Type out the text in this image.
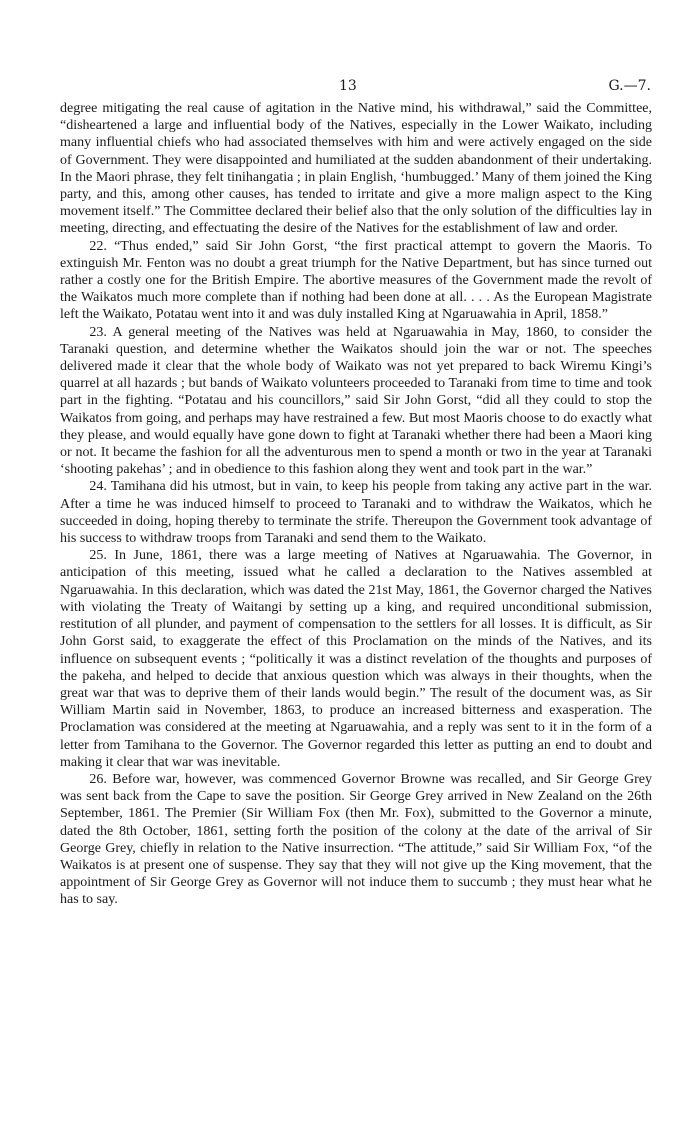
13	G.—7.

degree mitigating the real cause of agitation in the Native mind, his withdrawal,” said the Committee, “disheartened a large and influential body of the Natives, especially in the Lower Waikato, including many influential chiefs who had associated themselves with him and were actively engaged on the side of Government. They were disappointed and humiliated at the sudden abandonment of their undertaking. In the Maori phrase, they felt tinihangatia ; in plain English, ‘humbugged.’ Many of them joined the King party, and this, among other causes, has tended to irritate and give a more malign aspect to the King movement itself.” The Committee declared their belief also that the only solution of the difficulties lay in meeting, directing, and effectuating the desire of the Natives for the establishment of law and order.

22. “Thus ended,” said Sir John Gorst, “the first practical attempt to govern the Maoris. To extinguish Mr. Fenton was no doubt a great triumph for the Native Department, but has since turned out rather a costly one for the British Empire. The abortive measures of the Government made the revolt of the Waikatos much more complete than if nothing had been done at all. . . . As the European Magistrate left the Waikato, Potatau went into it and was duly installed King at Ngaruawahia in April, 1858.”

23. A general meeting of the Natives was held at Ngaruawahia in May, 1860, to consider the Taranaki question, and determine whether the Waikatos should join the war or not. The speeches delivered made it clear that the whole body of Waikato was not yet prepared to back Wiremu Kingi’s quarrel at all hazards ; but bands of Waikato volunteers proceeded to Taranaki from time to time and took part in the fighting. “Potatau and his councillors,” said Sir John Gorst, “did all they could to stop the Waikatos from going, and perhaps may have restrained a few. But most Maoris choose to do exactly what they please, and would equally have gone down to fight at Taranaki whether there had been a Maori king or not. It became the fashion for all the adventurous men to spend a month or two in the year at Taranaki ‘shooting pakehas’ ; and in obedience to this fashion along they went and took part in the war.”

24. Tamihana did his utmost, but in vain, to keep his people from taking any active part in the war. After a time he was induced himself to proceed to Taranaki and to withdraw the Waikatos, which he succeeded in doing, hoping thereby to terminate the strife. Thereupon the Government took advantage of his success to withdraw troops from Taranaki and send them to the Waikato.

25. In June, 1861, there was a large meeting of Natives at Ngaruawahia. The Governor, in anticipation of this meeting, issued what he called a declaration to the Natives assembled at Ngaruawahia. In this declaration, which was dated the 21st May, 1861, the Governor charged the Natives with violating the Treaty of Waitangi by setting up a king, and required unconditional submission, restitution of all plunder, and payment of compensation to the settlers for all losses. It is difficult, as Sir John Gorst said, to exaggerate the effect of this Proclamation on the minds of the Natives, and its influence on subsequent events ; “politically it was a distinct revelation of the thoughts and purposes of the pakeha, and helped to decide that anxious question which was always in their thoughts, when the great war that was to deprive them of their lands would begin.” The result of the document was, as Sir William Martin said in November, 1863, to produce an increased bitterness and exasperation. The Proclamation was considered at the meeting at Ngaruawahia, and a reply was sent to it in the form of a letter from Tamihana to the Governor. The Governor regarded this letter as putting an end to doubt and making it clear that war was inevitable.

26. Before war, however, was commenced Governor Browne was recalled, and Sir George Grey was sent back from the Cape to save the position. Sir George Grey arrived in New Zealand on the 26th September, 1861. The Premier (Sir William Fox (then Mr. Fox), submitted to the Governor a minute, dated the 8th October, 1861, setting forth the position of the colony at the date of the arrival of Sir George Grey, chiefly in relation to the Native insurrection. “The attitude,” said Sir William Fox, “of the Waikatos is at present one of suspense. They say that they will not give up the King movement, that the appointment of Sir George Grey as Governor will not induce them to succumb ; they must hear what he has to say.
